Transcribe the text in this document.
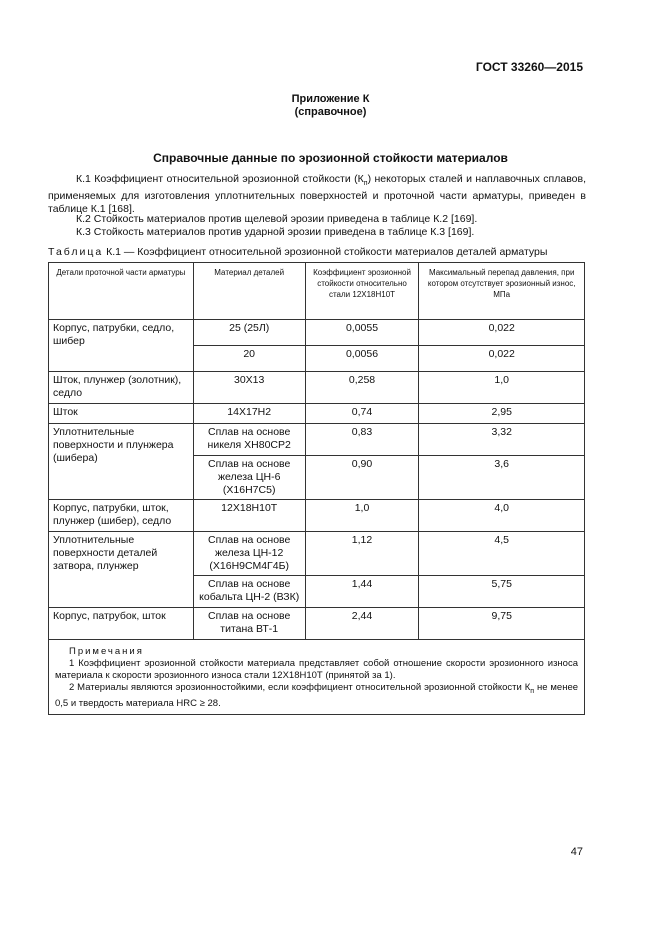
ГОСТ 33260—2015
Приложение К
(справочное)
Справочные данные по эрозионной стойкости материалов
К.1 Коэффициент относительной эрозионной стойкости $(К_п)$ некоторых сталей и наплавочных сплавов, применяемых для изготовления уплотнительных поверхностей и проточной части арматуры, приведен в таблице К.1 [168].
К.2 Стойкость материалов против щелевой эрозии приведена в таблице К.2 [169].
К.3 Стойкость материалов против ударной эрозии приведена в таблице К.3 [169].
Таблица К.1 — Коэффициент относительной эрозионной стойкости материалов деталей арматуры
Детали проточной части арматуры	Материал деталей	Коэффициент эрозионной стойкости относительно стали 12Х18Н10Т	Максимальный перепад давления, при котором отсутствует эрозионный износ, МПа
Корпус, патрубки, седло, шибер	25 (25Л)	0,0055	0,022
	20	0,0056	0,022
Шток, плунжер (золотник), седло	30Х13	0,258	1,0
Шток	14Х17Н2	0,74	2,95
Уплотнительные поверхности и плунжера (шибера)	Сплав на основе никеля ХН80СР2	0,83	3,32
	Сплав на основе железа ЦН-6 (Х16Н7С5)	0,90	3,6
Корпус, патрубки, шток, плунжер (шибер), седло	12Х18Н10Т	1,0	4,0
Уплотнительные поверхности деталей затвора, плунжер	Сплав на основе железа ЦН-12 (Х16Н9СМ4Г4Б)	1,12	4,5
	Сплав на основе кобальта ЦН-2 (ВЗК)	1,44	5,75
Корпус, патрубок, шток	Сплав на основе титана ВТ-1	2,44	9,75

Примечания
1 Коэффициент эрозионной стойкости материала представляет собой отношение скорости эрозионного износа материала к скорости эрозионного износа стали 12Х18Н10Т (принятой за 1).
2 Материалы являются эрозионностойкими, если коэффициент относительной эрозионной стойкости $К_п$ не менее 0,5 и твердость материала HRC ≥ 28.			
47
